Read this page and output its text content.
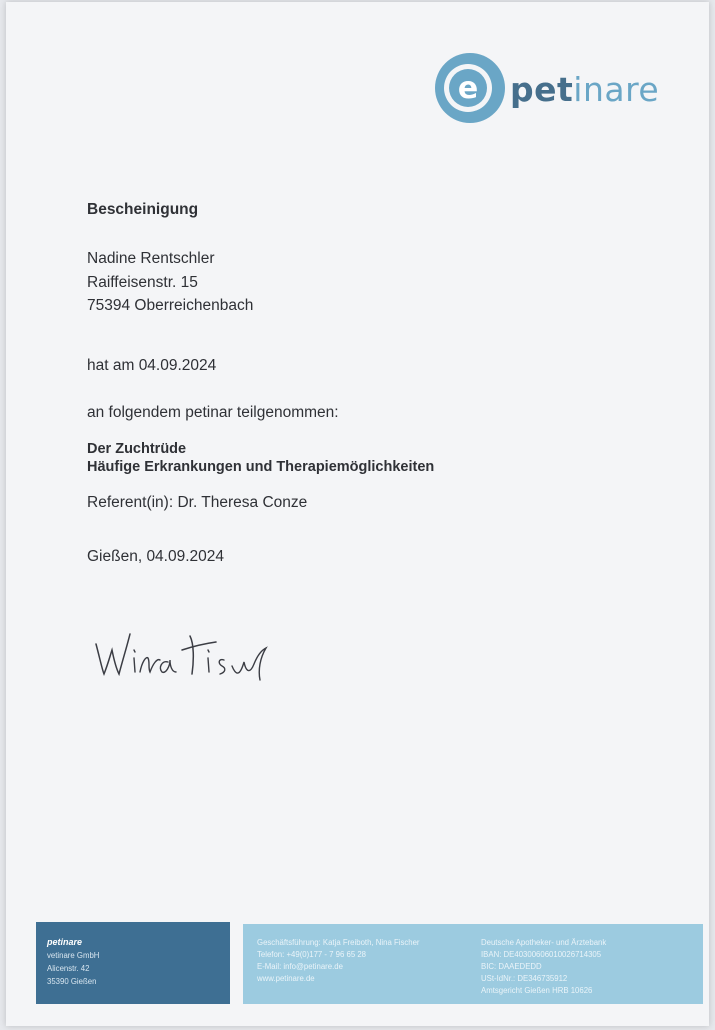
e petinare
Bescheinigung
Nadine Rentschler
Raiffeisenstr. 15
75394 Oberreichenbach
hat am 04.09.2024
an folgendem petinar teilgenommen:
Der Zuchtrüde
Häufige Erkrankungen und Therapiemöglichkeiten
Referent(in): Dr. Theresa Conze
Gießen, 04.09.2024
petinare
vetinare GmbH
Alicenstr. 42
35390 Gießen
Geschäftsführung: Katja Freiboth, Nina Fischer
Telefon: +49(0)177 - 7 96 65 28
E-Mail: info@petinare.de
www.petinare.de
Deutsche Apotheker- und Ärztebank
IBAN: DE40300606010026714305
BIC: DAAEDEDD
USt-IdNr.: DE346735912
Amtsgericht Gießen HRB 10626
